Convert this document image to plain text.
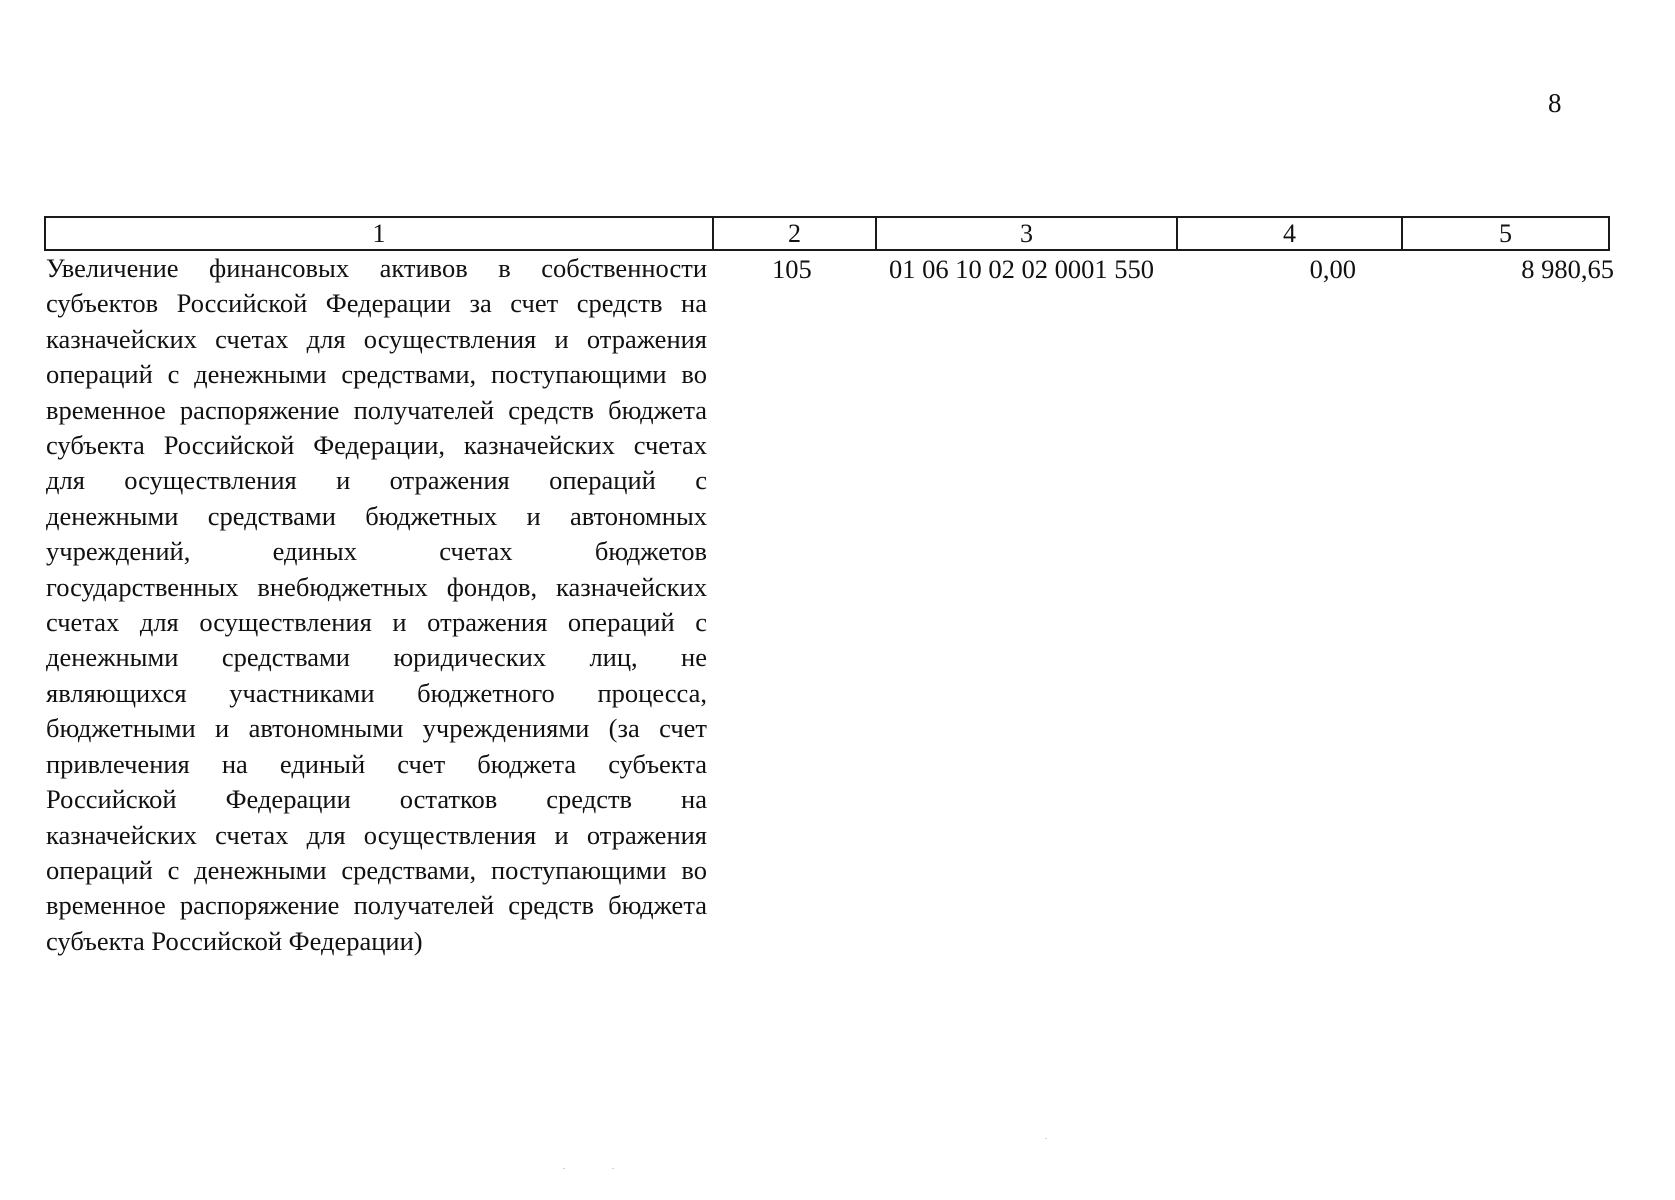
8
1	2	3	4	5
Увеличение финансовых активов в собственности
субъектов Российской Федерации за счет средств на
казначейских счетах для осуществления и отражения
операций с денежными средствами, поступающими во
временное распоряжение получателей средств бюджета
субъекта Российской Федерации, казначейских счетах
для осуществления и отражения операций с
денежными средствами бюджетных и автономных
учреждений, единых счетах бюджетов
государственных внебюджетных фондов, казначейских
счетах для осуществления и отражения операций с
денежными средствами юридических лиц, не
являющихся участниками бюджетного процесса,
бюджетными и автономными учреждениями (за счет
привлечения на единый счет бюджета субъекта
Российской Федерации остатков средств на
казначейских счетах для осуществления и отражения
операций с денежными средствами, поступающими во
временное распоряжение получателей средств бюджета
субъекта Российской Федерации)
105	01 06 10 02 02 0001 550	0,00	8 980,65
